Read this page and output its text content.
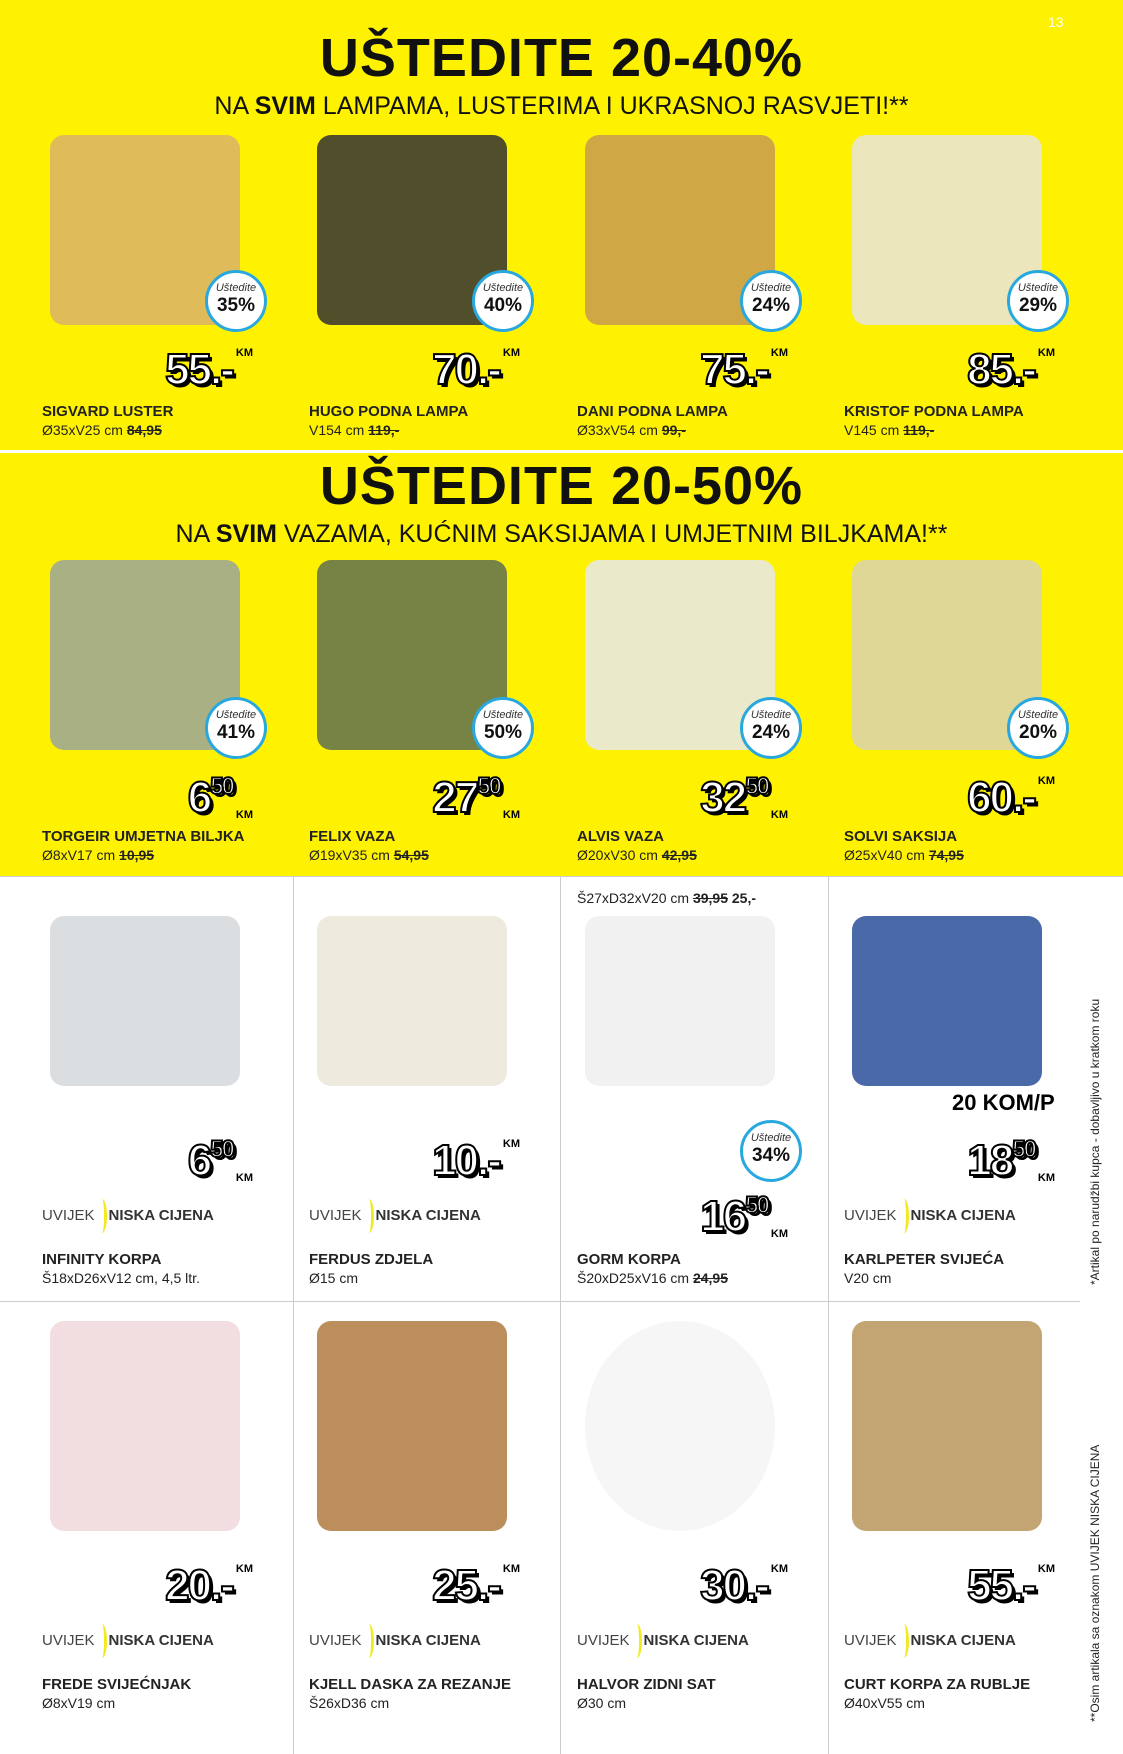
13
UŠTEDITE 20-40%
NA SVIM LAMPAMA, LUSTERIMA I UKRASNOJ RASVJETI!**
UŠTEDITE 20-50%
NA SVIM VAZAMA, KUĆNIM SAKSIJAMA I UMJETNIM BILJKAMA!**
Uštedite
35%
55.- KM
SIGVARD LUSTER
Ø35xV25 cm 84,95
Uštedite
40%
70.- KM
HUGO PODNA LAMPA
V154 cm 119,-
Uštedite
24%
75.- KM
DANI PODNA LAMPA
Ø33xV54 cm 99,-
Uštedite
29%
85.- KM
KRISTOF PODNA LAMPA
V145 cm 119,-
Uštedite
41%
$6^{50}$
KM
TORGEIR UMJETNA BILJKA
Ø8xV17 cm 10,95
Uštedite
50%
$27^{50}$
KM
FELIX VAZA
Ø19xV35 cm 54,95
Uštedite
24%
$32^{50}$
KM
ALVIS VAZA
Ø20xV30 cm 42,95
Uštedite
20%
60.- KM
SOLVI SAKSIJA
Ø25xV40 cm 74,95
$6^{50}$
KM
UVIJEK NISKA CIJENA
INFINITY KORPA
Š18xD26xV12 cm, 4,5 ltr.
10.- KM
UVIJEK NISKA CIJENA
FERDUS ZDJELA
Ø15 cm
Š27xD32xV20 cm 39,95 25,-
Uštedite
34%
$16^{50}$
KM
GORM KORPA
Š20xD25xV16 cm 24,95
20 KOM/P
$18^{50}$
KM
UVIJEK NISKA CIJENA
KARLPETER SVIJEĆA
V20 cm
20.- KM
UVIJEK NISKA CIJENA
FREDE SVIJEĆNJAK
Ø8xV19 cm
25.- KM
UVIJEK NISKA CIJENA
KJELL DASKA ZA REZANJE
Š26xD36 cm
30.- KM
UVIJEK NISKA CIJENA
HALVOR ZIDNI SAT
Ø30 cm
55.- KM
UVIJEK NISKA CIJENA
CURT KORPA ZA RUBLJE
Ø40xV55 cm
*Artikal po narudžbi kupca - dobavljivo u kratkom roku
**Osim artikala sa oznakom UVIJEK NISKA CIJENA
